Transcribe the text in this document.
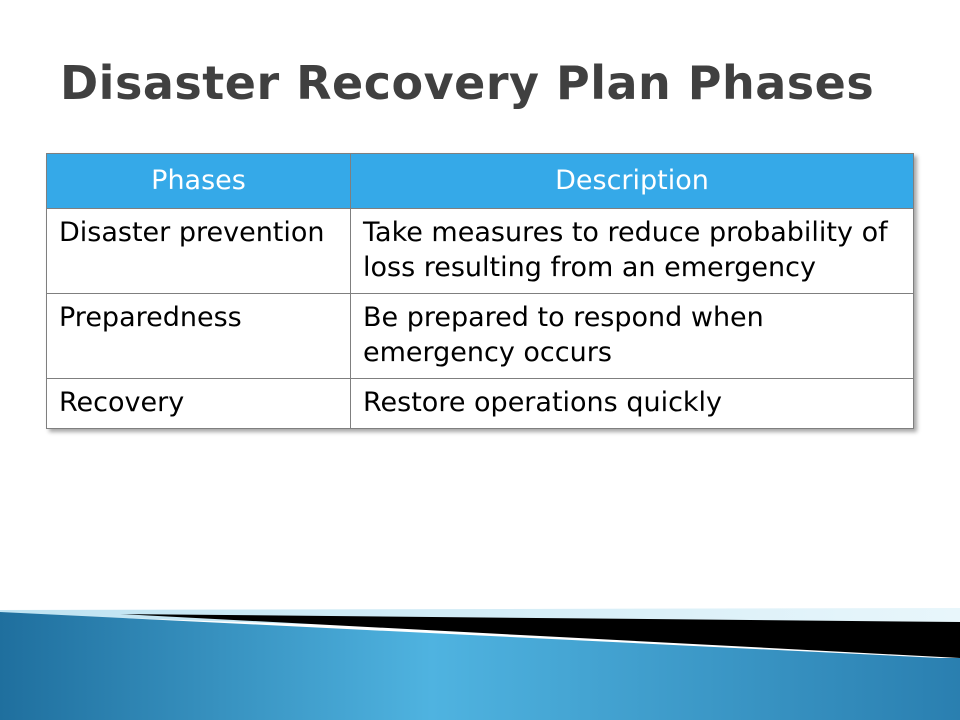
Disaster Recovery Plan Phases
Phases	Description
Disaster prevention	Take measures to reduce probability of loss resulting from an emergency
Preparedness	Be prepared to respond when emergency occurs
Recovery	Restore operations quickly
